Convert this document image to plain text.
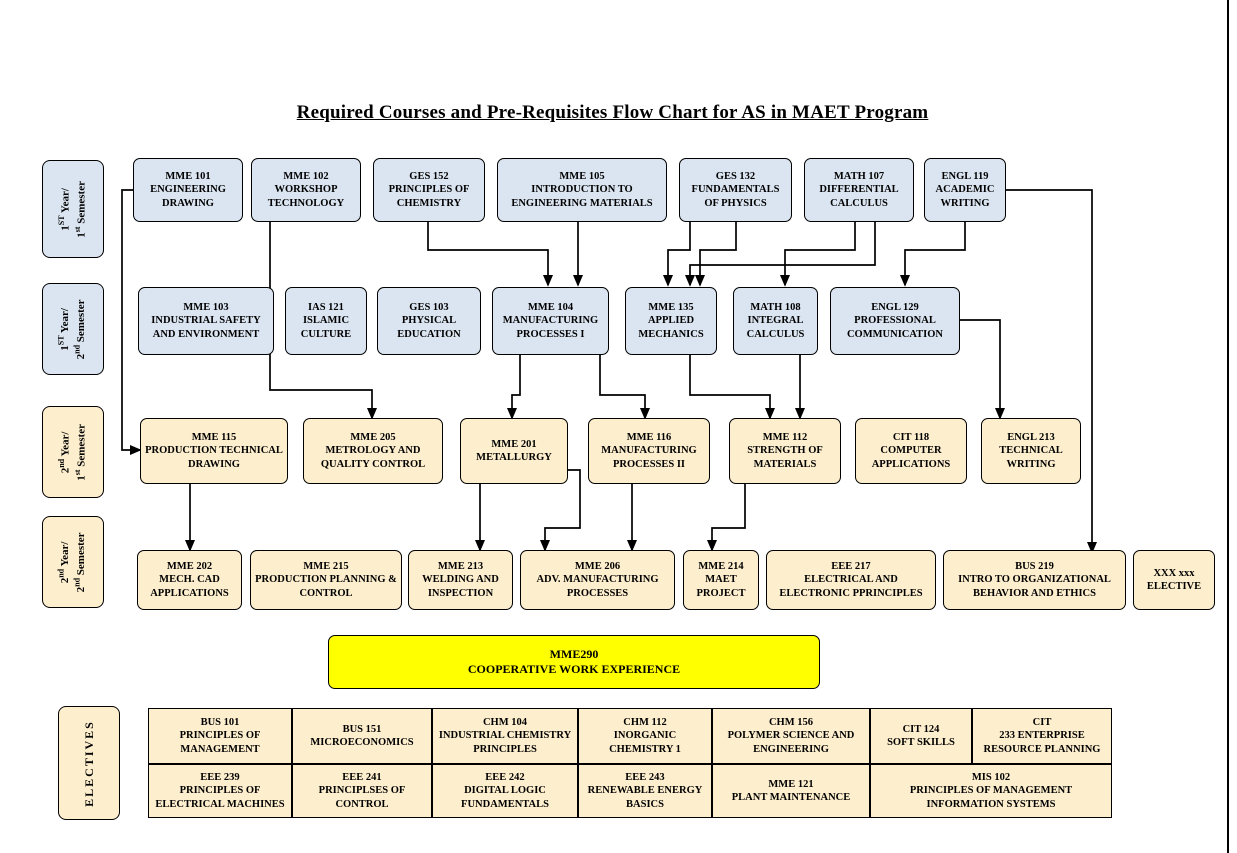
Required Courses and Pre-Requisites Flow Chart for AS in MAET Program
1ST Year/
1st Semester
1ST Year/
2nd Semester
2nd Year/
1st Semester
2nd Year/
2nd Semester
MME 101
ENGINEERING DRAWING
MME 102
WORKSHOP TECHNOLOGY
GES 152
PRINCIPLES OF CHEMISTRY
MME 105
INTRODUCTION TO ENGINEERING MATERIALS
GES 132
FUNDAMENTALS OF PHYSICS
MATH 107
DIFFERENTIAL CALCULUS
ENGL 119
ACADEMIC WRITING
MME 103
INDUSTRIAL SAFETY AND ENVIRONMENT
IAS 121
ISLAMIC CULTURE
GES 103
PHYSICAL EDUCATION
MME 104
MANUFACTURING PROCESSES I
MME 135
APPLIED MECHANICS
MATH 108
INTEGRAL CALCULUS
ENGL 129
PROFESSIONAL COMMUNICATION
MME 115
PRODUCTION TECHNICAL DRAWING
MME 205
METROLOGY AND QUALITY CONTROL
MME 201
METALLURGY
MME 116
MANUFACTURING PROCESSES II
MME 112
STRENGTH OF MATERIALS
CIT 118
COMPUTER APPLICATIONS
ENGL 213
TECHNICAL WRITING
MME 202
MECH. CAD APPLICATIONS
MME 215
PRODUCTION PLANNING & CONTROL
MME 213
WELDING AND INSPECTION
MME 206
ADV. MANUFACTURING PROCESSES
MME 214
MAET PROJECT
EEE 217
ELECTRICAL AND ELECTRONIC PPRINCIPLES
BUS 219
INTRO TO ORGANIZATIONAL BEHAVIOR AND ETHICS
XXX xxx
ELECTIVE
MME290
COOPERATIVE WORK EXPERIENCE
ELECTIVES	BUS 101
PRINCIPLES OF MANAGEMENT
BUS 151
MICROECONOMICS
CHM 104
INDUSTRIAL CHEMISTRY PRINCIPLES
CHM 112
INORGANIC CHEMISTRY 1
CHM 156
POLYMER SCIENCE AND ENGINEERING
CIT 124
SOFT SKILLS
CIT
233 ENTERPRISE RESOURCE PLANNING
EEE 239
PRINCIPLES OF ELECTRICAL MACHINES
EEE 241
PRINCIPLSES OF CONTROL
EEE 242
DIGITAL LOGIC FUNDAMENTALS
EEE 243
RENEWABLE ENERGY BASICS
MME 121
PLANT MAINTENANCE
MIS 102
PRINCIPLES OF MANAGEMENT INFORMATION SYSTEMS
